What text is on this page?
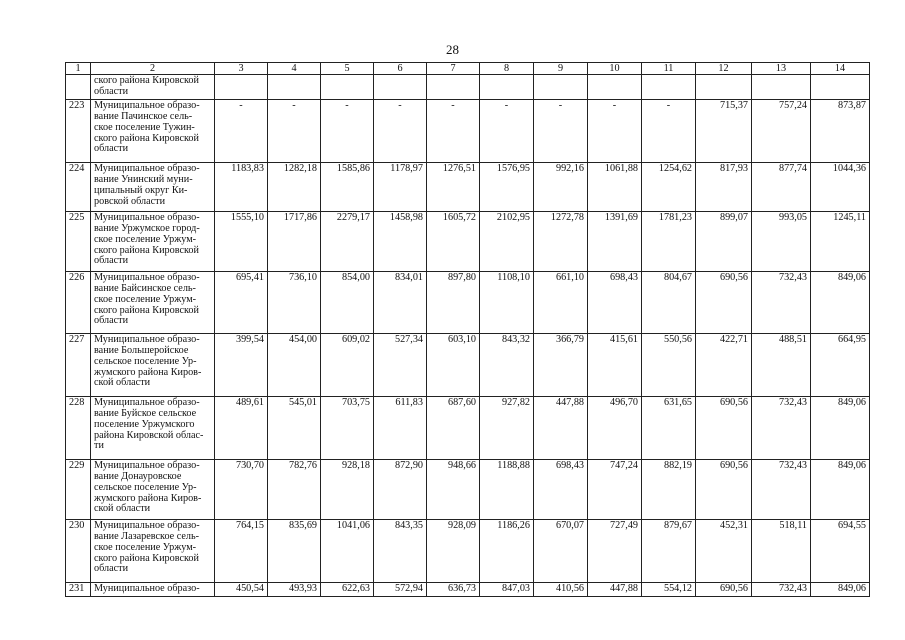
28
1	2	3	4	5	6	7	8	9	10	11	12	13	14
	ского района Кировской
области												
223	Муниципальное образо-
вание Пачинское сель-
ское поселение Тужин-
ского района Кировской
области	-	-	-	-	-	-	-	-	-	715,37	757,24	873,87
224	Муниципальное образо-
вание Унинский муни-
ципальный округ Ки-
ровской области	1183,83	1282,18	1585,86	1178,97	1276,51	1576,95	992,16	1061,88	1254,62	817,93	877,74	1044,36
225	Муниципальное образо-
вание Уржумское город-
ское поселение Уржум-
ского района Кировской
области	1555,10	1717,86	2279,17	1458,98	1605,72	2102,95	1272,78	1391,69	1781,23	899,07	993,05	1245,11
226	Муниципальное образо-
вание Байсинское сель-
ское поселение Уржум-
ского района Кировской
области	695,41	736,10	854,00	834,01	897,80	1108,10	661,10	698,43	804,67	690,56	732,43	849,06
227	Муниципальное образо-
вание Большеройское
сельское поселение Ур-
жумского района Киров-
ской области	399,54	454,00	609,02	527,34	603,10	843,32	366,79	415,61	550,56	422,71	488,51	664,95
228	Муниципальное образо-
вание Буйское сельское
поселение Уржумского
района Кировской облас-
ти	489,61	545,01	703,75	611,83	687,60	927,82	447,88	496,70	631,65	690,56	732,43	849,06
229	Муниципальное образо-
вание Донауровское
сельское поселение Ур-
жумского района Киров-
ской области	730,70	782,76	928,18	872,90	948,66	1188,88	698,43	747,24	882,19	690,56	732,43	849,06
230	Муниципальное образо-
вание Лазаревское сель-
ское поселение Уржум-
ского района Кировской
области	764,15	835,69	1041,06	843,35	928,09	1186,26	670,07	727,49	879,67	452,31	518,11	694,55
231	Муниципальное образо-	450,54	493,93	622,63	572,94	636,73	847,03	410,56	447,88	554,12	690,56	732,43	849,06
